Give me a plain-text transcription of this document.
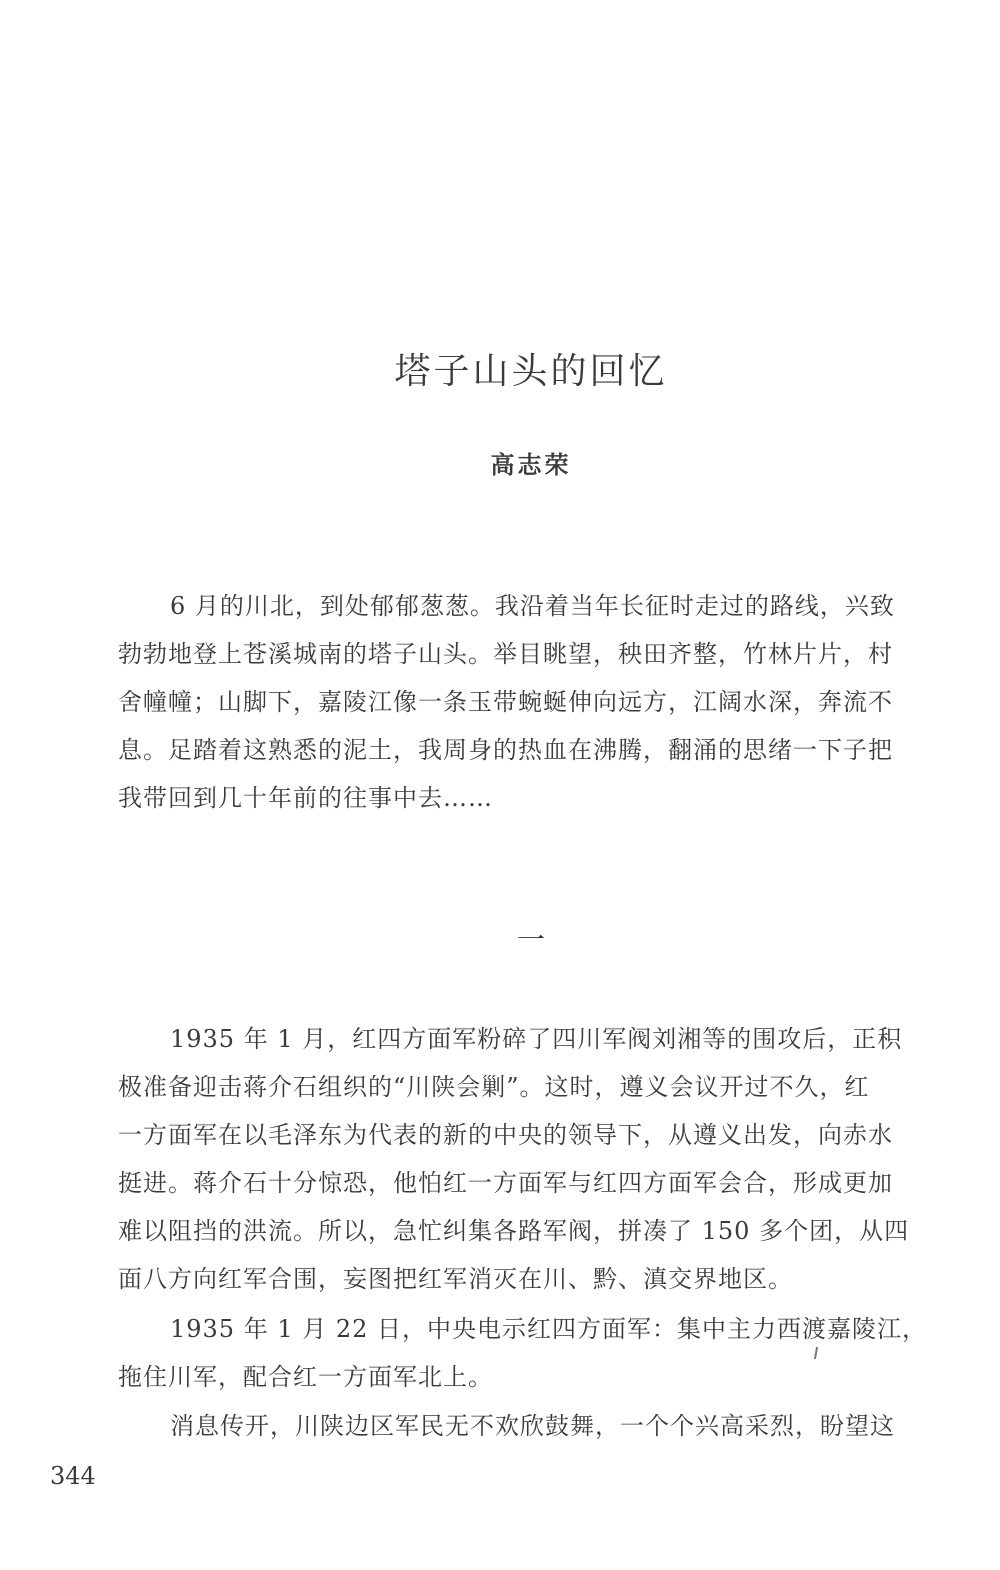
塔子山头的回忆
高志荣
6 月的川北，到处郁郁葱葱。我沿着当年长征时走过的路线，兴致
勃勃地登上苍溪城南的塔子山头。举目眺望，秧田齐整，竹林片片，村
舍幢幢；山脚下，嘉陵江像一条玉带蜿蜒伸向远方，江阔水深，奔流不
息。足踏着这熟悉的泥土，我周身的热血在沸腾，翻涌的思绪一下子把
我带回到几十年前的往事中去……
一
1935 年 1 月，红四方面军粉碎了四川军阀刘湘等的围攻后，正积
极准备迎击蒋介石组织的“川陕会剿”。这时，遵义会议开过不久，红
一方面军在以毛泽东为代表的新的中央的领导下，从遵义出发，向赤水
挺进。蒋介石十分惊恐，他怕红一方面军与红四方面军会合，形成更加
难以阻挡的洪流。所以，急忙纠集各路军阀，拼凑了 150 多个团，从四
面八方向红军合围，妄图把红军消灭在川、黔、滇交界地区。
1935 年 1 月 22 日，中央电示红四方面军：集中主力西渡嘉陵江，
拖住川军，配合红一方面军北上。
消息传开，川陕边区军民无不欢欣鼓舞，一个个兴高采烈，盼望这
344
